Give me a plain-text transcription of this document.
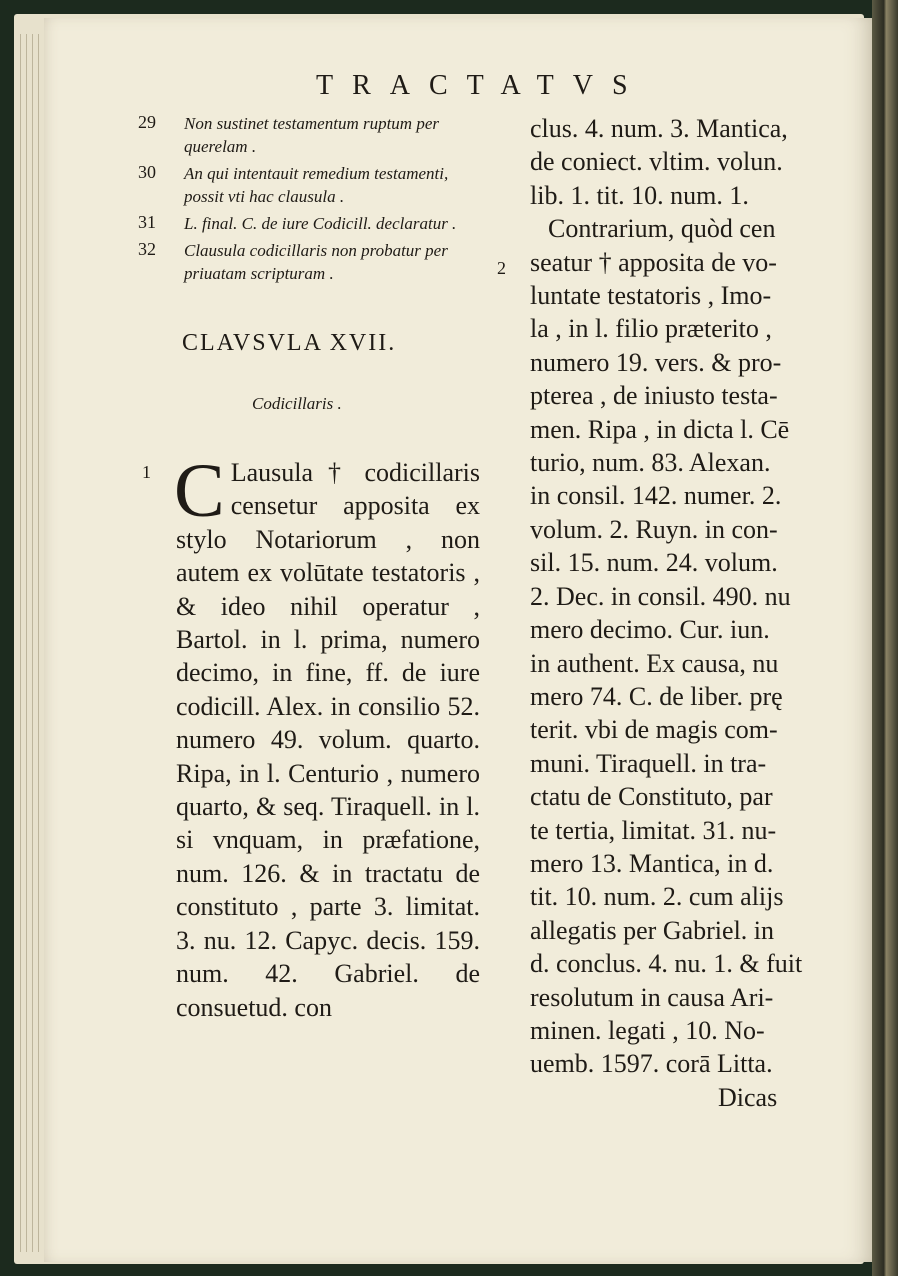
TRACTATVS
29 Non sustinet testamentum ruptum per querelam .
30 An qui intentauit remedium testamenti, possit vti hac clausula .
31 L. final. C. de iure Codicill. declaratur .
32 Clausula codicillaris non probatur per priuatam scripturam .
CLAVSVLA XVII.
Codicillaris .
1 C Lausula † codicillaris censetur apposita ex stylo Notariorum , non autem ex volūtate testatoris , & ideo nihil operatur , Bartol. in l. prima, numero decimo, in fine, ff. de iure codicill. Alex. in consilio 52. numero 49. volum. quarto. Ripa, in l. Centurio , numero quarto, & seq. Tiraquell. in l. si vnquam, in præfatione, num. 126. & in tractatu de constituto , parte 3. limitat. 3. nu. 12. Capyc. decis. 159. num. 42. Gabriel. de consuetud. con
2
clus. 4. num. 3. Mantica,
de coniect. vltim. volun.
lib. 1. tit. 10. num. 1.
Contrarium, quòd cen
seatur † apposita de vo-
luntate testatoris , Imo-
la , in l. filio præterito ,
numero 19. vers. & pro-
pterea , de iniusto testa-
men. Ripa , in dicta l. Cē
turio, num. 83. Alexan.
in consil. 142. numer. 2.
volum. 2. Ruyn. in con-
sil. 15. num. 24. volum.
2. Dec. in consil. 490. nu
mero decimo. Cur. iun.
in authent. Ex causa, nu
mero 74. C. de liber. prę
terit. vbi de magis com-
muni. Tiraquell. in tra-
ctatu de Constituto, par
te tertia, limitat. 31. nu-
mero 13. Mantica, in d.
tit. 10. num. 2. cum alijs
allegatis per Gabriel. in
d. conclus. 4. nu. 1. & fuit
resolutum in causa Ari-
minen. legati , 10. No-
uemb. 1597. corā Litta.
Dicas
